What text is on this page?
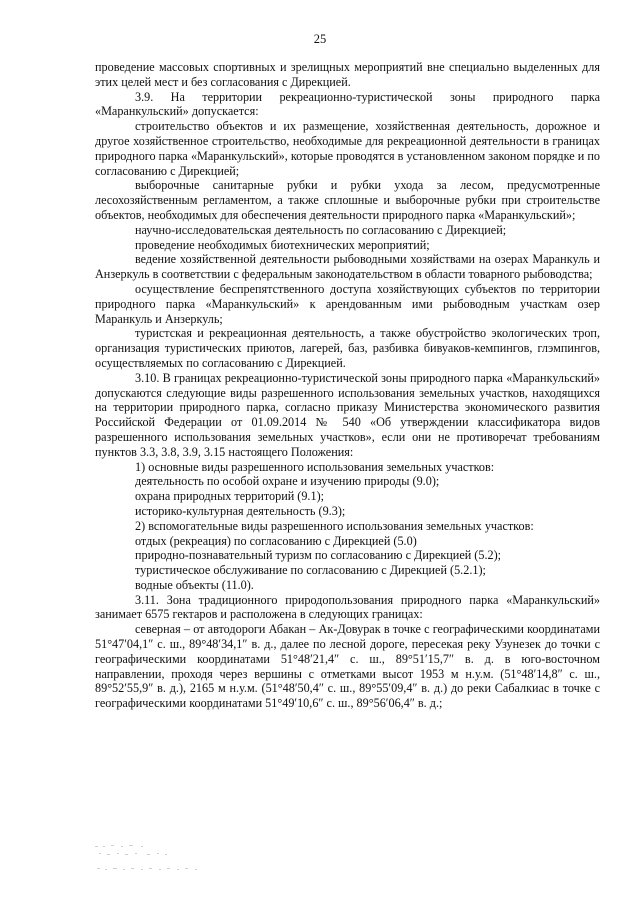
25

проведение массовых спортивных и зрелищных мероприятий вне специально выделенных для этих целей мест и без согласования с Дирекцией.

3.9. На территории рекреационно-туристической зоны природного парка «Маранкульский» допускается:

строительство объектов и их размещение, хозяйственная деятельность, дорожное и другое хозяйственное строительство, необходимые для рекреационной деятельности в границах природного парка «Маранкульский», которые проводятся в установленном законом порядке и по согласованию с Дирекцией;

выборочные санитарные рубки и рубки ухода за лесом, предусмотренные лесохозяйственным регламентом, а также сплошные и выборочные рубки при строительстве объектов, необходимых для обеспечения деятельности природного парка «Маранкульский»;

научно-исследовательская деятельность по согласованию с Дирекцией;

проведение необходимых биотехнических мероприятий;

ведение хозяйственной деятельности рыбоводными хозяйствами на озерах Маранкуль и Анзеркуль в соответствии с федеральным законодательством в области товарного рыбоводства;

осуществление беспрепятственного доступа хозяйствующих субъектов по территории природного парка «Маранкульский» к арендованным ими рыбоводным участкам озер Маранкуль и Анзеркуль;

туристская и рекреационная деятельность, а также обустройство экологических троп, организация туристических приютов, лагерей, баз, разбивка бивуаков-кемпингов, глэмпингов, осуществляемых по согласованию с Дирекцией.

3.10. В границах рекреационно-туристической зоны природного парка «Маранкульский» допускаются следующие виды разрешенного использования земельных участков, находящихся на территории природного парка, согласно приказу Министерства экономического развития Российской Федерации от 01.09.2014 № 540 «Об утверждении классификатора видов разрешенного использования земельных участков», если они не противоречат требованиям пунктов 3.3, 3.8, 3.9, 3.15 настоящего Положения:

1) основные виды разрешенного использования земельных участков:

деятельность по особой охране и изучению природы (9.0);

охрана природных территорий (9.1);

историко-культурная деятельность (9.3);

2) вспомогательные виды разрешенного использования земельных участков:

отдых (рекреация) по согласованию с Дирекцией (5.0)

природно-познавательный туризм по согласованию с Дирекцией (5.2);

туристическое обслуживание по согласованию с Дирекцией (5.2.1);

водные объекты (11.0).

3.11. Зона традиционного природопользования природного парка «Маранкульский» занимает 6575 гектаров и расположена в следующих границах:

северная – от автодороги Абакан – Ак-Довурак в точке с географическими координатами 51°47′04,1″ с. ш., 89°48′34,1″ в. д., далее по лесной дороге, пересекая реку Узунезек до точки с географическими координатами 51°48′21,4″ с. ш., 89°51′15,7″ в. д. в юго-восточном направлении, проходя через вершины с отметками высот 1953 м н.у.м. (51°48′14,8″ с. ш., 89°52′55,9″ в. д.), 2165 м н.у.м. (51°48′50,4″ с. ш., 89°55′09,4″ в. д.) до реки Сабалкиас в точке с географическими координатами 51°49′10,6″ с. ш., 89°56′06,4″ в. д.;
